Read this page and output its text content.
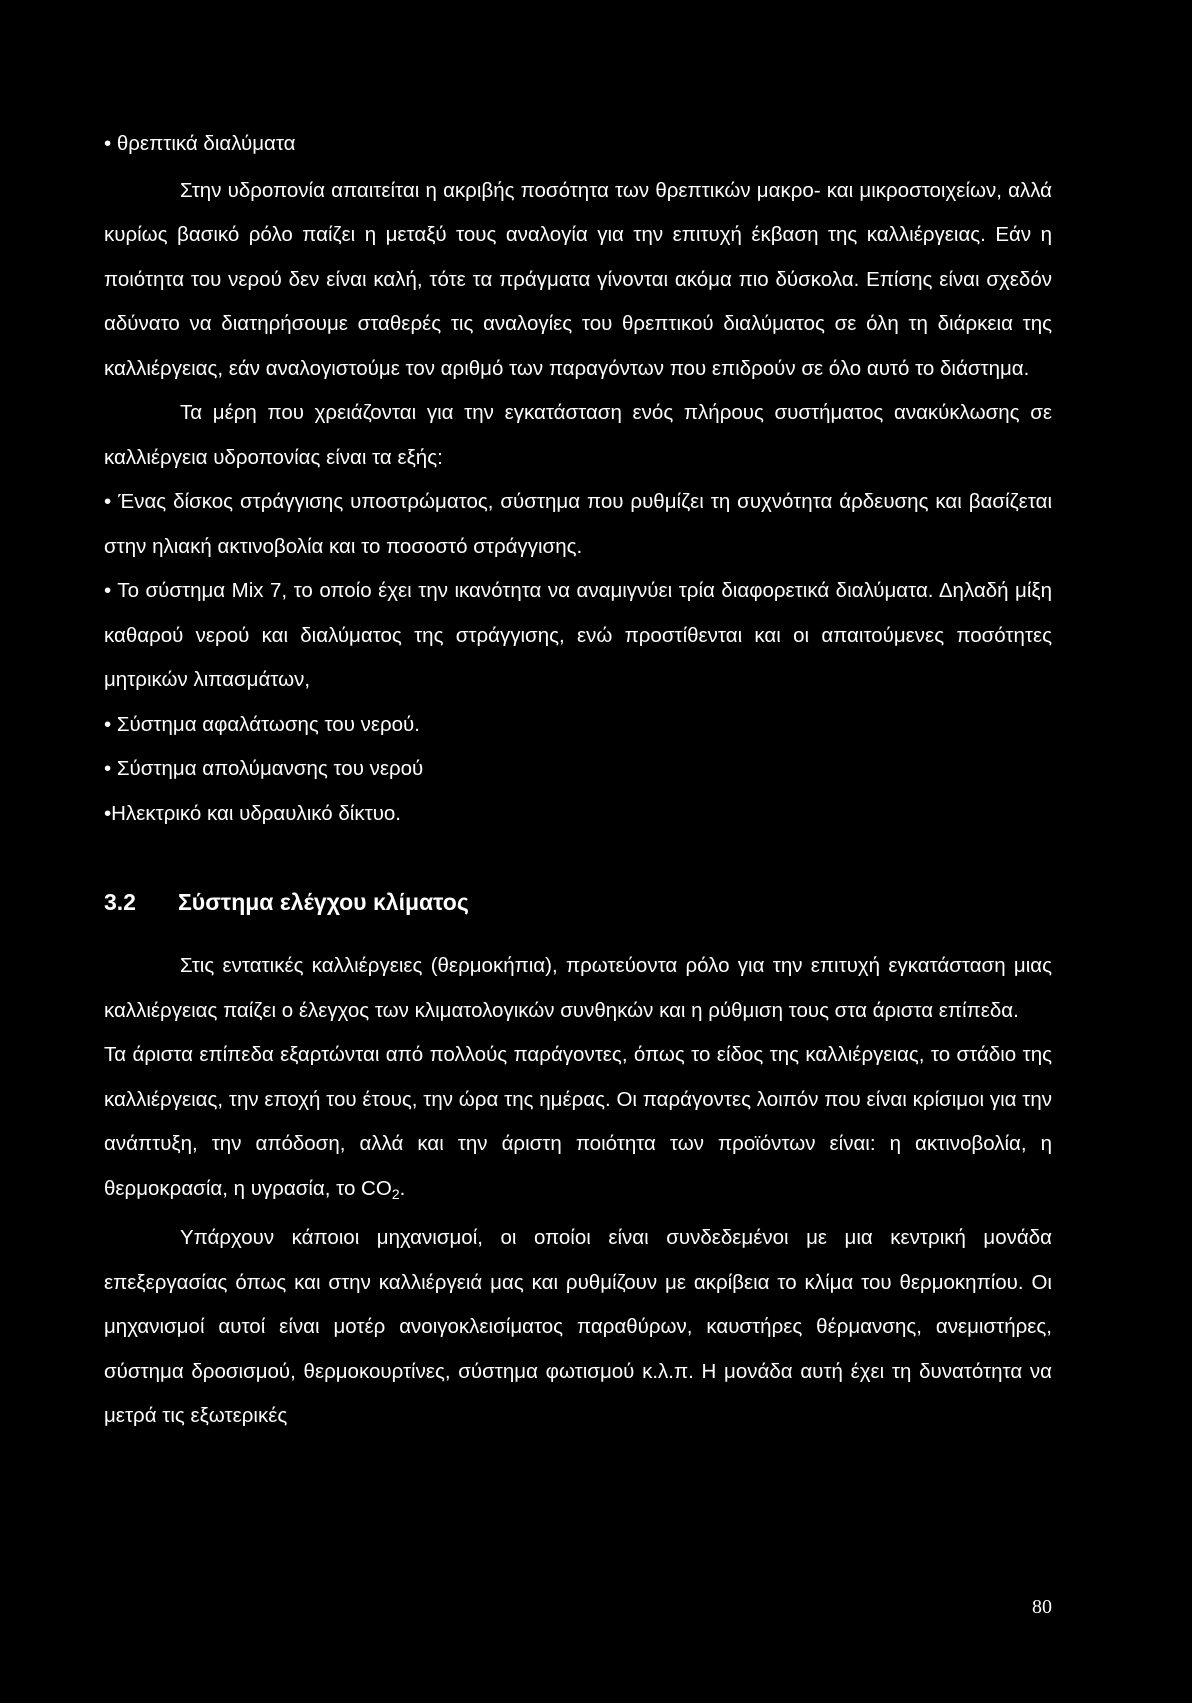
• θρεπτικά διαλύματα

Στην υδροπονία απαιτείται η ακριβής ποσότητα των θρεπτικών μακρο- και μικροστοιχείων, αλλά κυρίως βασικό ρόλο παίζει η μεταξύ τους αναλογία για την επιτυχή έκβαση της καλλιέργειας. Εάν η ποιότητα του νερού δεν είναι καλή, τότε τα πράγματα γίνονται ακόμα πιο δύσκολα. Επίσης είναι σχεδόν αδύνατο να διατηρήσουμε σταθερές τις αναλογίες του θρεπτικού διαλύματος σε όλη τη διάρκεια της καλλιέργειας, εάν αναλογιστούμε τον αριθμό των παραγόντων που επιδρούν σε όλο αυτό το διάστημα.

Τα μέρη που χρειάζονται για την εγκατάσταση ενός πλήρους συστήματος ανακύκλωσης σε καλλιέργεια υδροπονίας είναι τα εξής:

• Ένας δίσκος στράγγισης υποστρώματος, σύστημα που ρυθμίζει τη συχνότητα άρδευσης και βασίζεται στην ηλιακή ακτινοβολία και το ποσοστό στράγγισης.

• Το σύστημα Mix 7, το οποίο έχει την ικανότητα να αναμιγνύει τρία διαφορετικά διαλύματα. Δηλαδή μίξη καθαρού νερού και διαλύματος της στράγγισης, ενώ προστίθενται και οι απαιτούμενες ποσότητες μητρικών λιπασμάτων,

• Σύστημα αφαλάτωσης του νερού.

• Σύστημα απολύμανσης του νερού

•Ηλεκτρικό και υδραυλικό δίκτυο.

3.2	Σύστημα ελέγχου κλίματος

Στις εντατικές καλλιέργειες (θερμοκήπια), πρωτεύοντα ρόλο για την επιτυχή εγκατάσταση μιας καλλιέργειας παίζει ο έλεγχος των κλιματολογικών συνθηκών και η ρύθμιση τους στα άριστα επίπεδα.

Τα άριστα επίπεδα εξαρτώνται από πολλούς παράγοντες, όπως το είδος της καλλιέργειας, το στάδιο της καλλιέργειας, την εποχή του έτους, την ώρα της ημέρας. Οι παράγοντες λοιπόν που είναι κρίσιμοι για την ανάπτυξη, την απόδοση, αλλά και την άριστη ποιότητα των προϊόντων είναι: η ακτινοβολία, η θερμοκρασία, η υγρασία, το CO2.

Υπάρχουν κάποιοι μηχανισμοί, οι οποίοι είναι συνδεδεμένοι με μια κεντρική μονάδα επεξεργασίας όπως και στην καλλιέργειά μας και ρυθμίζουν με ακρίβεια το κλίμα του θερμοκηπίου. Οι μηχανισμοί αυτοί είναι μοτέρ ανοιγοκλεισίματος παραθύρων, καυστήρες θέρμανσης, ανεμιστήρες, σύστημα δροσισμού, θερμοκουρτίνες, σύστημα φωτισμού κ.λ.π. Η μονάδα αυτή έχει τη δυνατότητα να μετρά τις εξωτερικές

80
